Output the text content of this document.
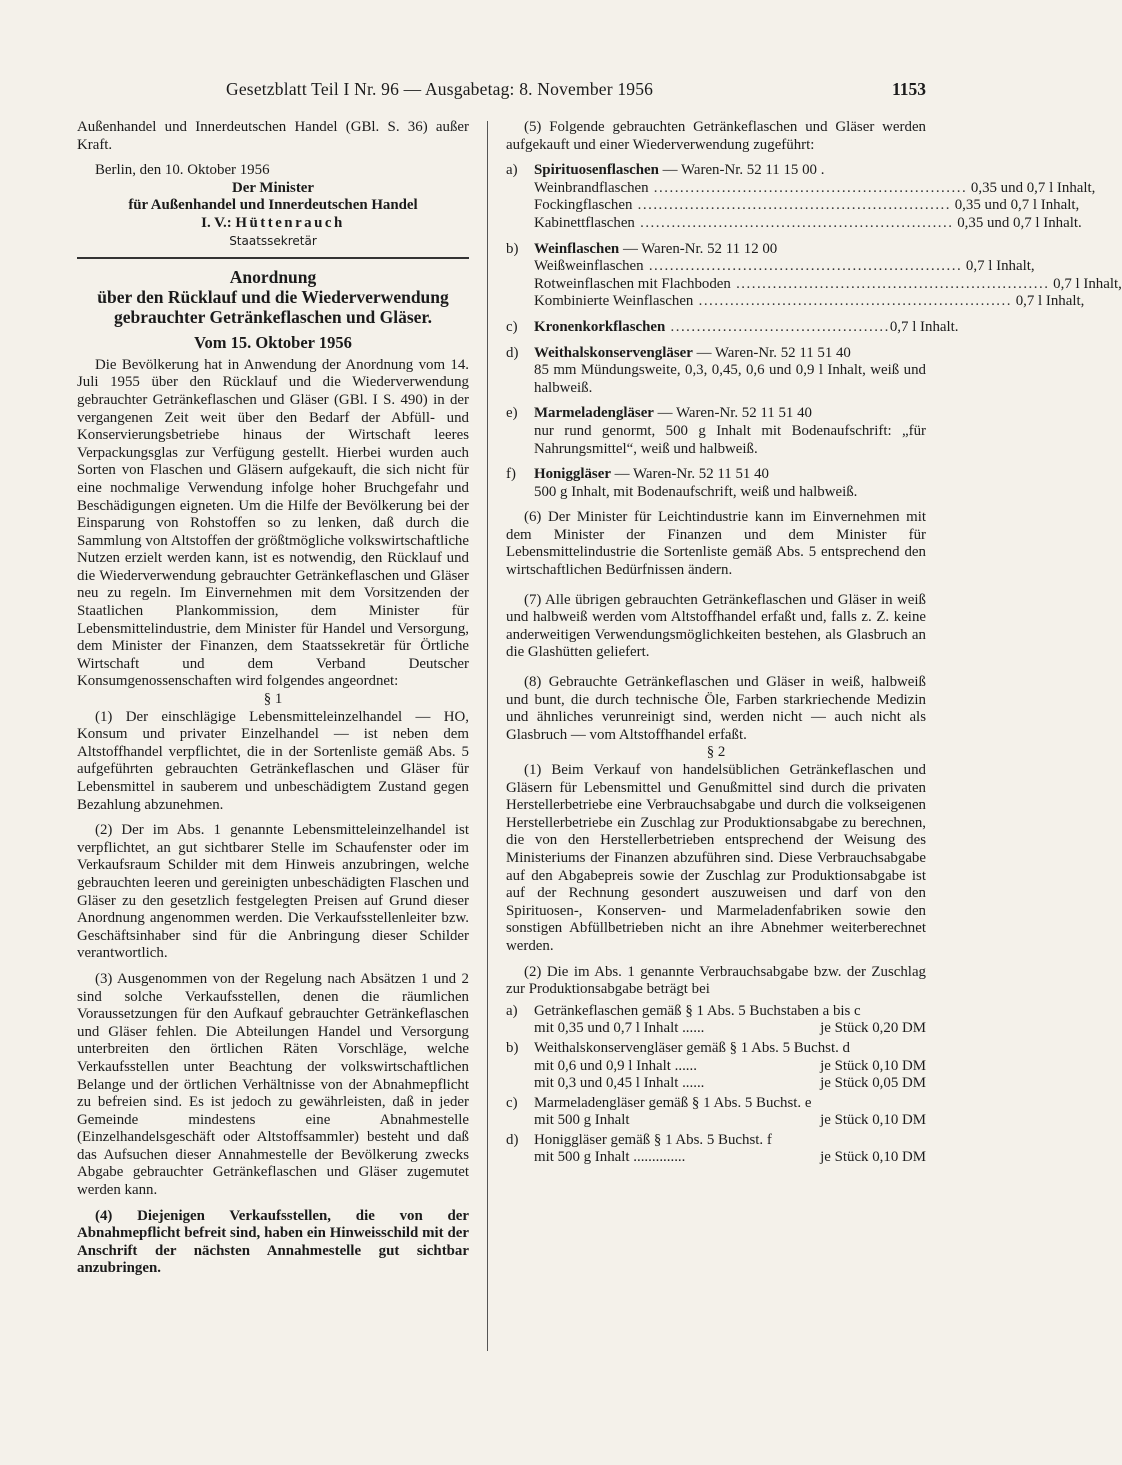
Gesetzblatt Teil I Nr. 96 — Ausgabetag: 8. November 1956	1153

Außenhandel und Innerdeutschen Handel (GBl. S. 36) außer Kraft.

Berlin, den 10. Oktober 1956

Der Minister

für Außenhandel und Innerdeutschen Handel

I. V.: Hüttenrauch

Staatssekretär

Anordnung

über den Rücklauf und die Wiederverwendung

gebrauchter Getränkeflaschen und Gläser.

Vom 15. Oktober 1956

Die Bevölkerung hat in Anwendung der Anordnung vom 14. Juli 1955 über den Rücklauf und die Wiederverwendung gebrauchter Getränkeflaschen und Gläser (GBl. I S. 490) in der vergangenen Zeit weit über den Bedarf der Abfüll- und Konservierungsbetriebe hinaus der Wirtschaft leeres Verpackungsglas zur Verfügung gestellt. Hierbei wurden auch Sorten von Flaschen und Gläsern aufgekauft, die sich nicht für eine nochmalige Verwendung infolge hoher Bruchgefahr und Beschädigungen eigneten. Um die Hilfe der Bevölkerung bei der Einsparung von Rohstoffen so zu lenken, daß durch die Sammlung von Altstoffen der größtmögliche volkswirtschaftliche Nutzen erzielt werden kann, ist es notwendig, den Rücklauf und die Wiederverwendung gebrauchter Getränkeflaschen und Gläser neu zu regeln. Im Einvernehmen mit dem Vorsitzenden der Staatlichen Plankommission, dem Minister für Lebensmittelindustrie, dem Minister für Handel und Versorgung, dem Minister der Finanzen, dem Staatssekretär für Örtliche Wirtschaft und dem Verband Deutscher Konsumgenossenschaften wird folgendes angeordnet:

§ 1

(1) Der einschlägige Lebensmitteleinzelhandel — HO, Konsum und privater Einzelhandel — ist neben dem Altstoffhandel verpflichtet, die in der Sortenliste gemäß Abs. 5 aufgeführten gebrauchten Getränkeflaschen und Gläser für Lebensmittel in sauberem und unbeschädigtem Zustand gegen Bezahlung abzunehmen.

(2) Der im Abs. 1 genannte Lebensmitteleinzelhandel ist verpflichtet, an gut sichtbarer Stelle im Schaufenster oder im Verkaufsraum Schilder mit dem Hinweis anzubringen, welche gebrauchten leeren und gereinigten unbeschädigten Flaschen und Gläser zu den gesetzlich festgelegten Preisen auf Grund dieser Anordnung angenommen werden. Die Verkaufsstellenleiter bzw. Geschäftsinhaber sind für die Anbringung dieser Schilder verantwortlich.

(3) Ausgenommen von der Regelung nach Absätzen 1 und 2 sind solche Verkaufsstellen, denen die räumlichen Voraussetzungen für den Aufkauf gebrauchter Getränkeflaschen und Gläser fehlen. Die Abteilungen Handel und Versorgung unterbreiten den örtlichen Räten Vorschläge, welche Verkaufsstellen unter Beachtung der volkswirtschaftlichen Belange und der örtlichen Verhältnisse von der Abnahmepflicht zu befreien sind. Es ist jedoch zu gewährleisten, daß in jeder Gemeinde mindestens eine Abnahmestelle (Einzelhandelsgeschäft oder Altstoffsammler) besteht und daß das Aufsuchen dieser Annahmestelle der Bevölkerung zwecks Abgabe gebrauchter Getränkeflaschen und Gläser zugemutet werden kann.

(4) Diejenigen Verkaufsstellen, die von der Abnahmepflicht befreit sind, haben ein Hinweisschild mit der Anschrift der nächsten Annahmestelle gut sichtbar anzubringen.

(5) Folgende gebrauchten Getränkeflaschen und Gläser werden aufgekauft und einer Wiederverwendung zugeführt:

a) Spirituosenflaschen — Waren-Nr. 52 11 15 00 .

Weinbrandflaschen ............................................................ 0,35 und 0,7 l Inhalt,
Fockingflaschen ............................................................ 0,35 und 0,7 l Inhalt,
Kabinettflaschen ............................................................ 0,35 und 0,7 l Inhalt.

b) Weinflaschen — Waren-Nr. 52 11 12 00

Weißweinflaschen ............................................................ 0,7 l Inhalt,
Rotweinflaschen mit Flachboden ............................................................ 0,7 l Inhalt,
Kombinierte Weinflaschen ............................................................ 0,7 l Inhalt,
c) Kronenkorkflaschen .......................................... 0,7 l Inhalt.

d) Weithalskonservengläser — Waren-Nr. 52 11 51 40

85 mm Mündungsweite, 0,3, 0,45, 0,6 und 0,9 l Inhalt, weiß und halbweiß.

e) Marmeladengläser — Waren-Nr. 52 11 51 40

nur rund genormt, 500 g Inhalt mit Bodenaufschrift: „für Nahrungsmittel“, weiß und halbweiß.

f) Honiggläser — Waren-Nr. 52 11 51 40

500 g Inhalt, mit Bodenaufschrift, weiß und halbweiß.

(6) Der Minister für Leichtindustrie kann im Einvernehmen mit dem Minister der Finanzen und dem Minister für Lebensmittelindustrie die Sortenliste gemäß Abs. 5 entsprechend den wirtschaftlichen Bedürfnissen ändern.

(7) Alle übrigen gebrauchten Getränkeflaschen und Gläser in weiß und halbweiß werden vom Altstoffhandel erfaßt und, falls z. Z. keine anderweitigen Verwendungsmöglichkeiten bestehen, als Glasbruch an die Glashütten geliefert.

(8) Gebrauchte Getränkeflaschen und Gläser in weiß, halbweiß und bunt, die durch technische Öle, Farben starkriechende Medizin und ähnliches verunreinigt sind, werden nicht — auch nicht als Glasbruch — vom Altstoffhandel erfaßt.

§ 2

(1) Beim Verkauf von handelsüblichen Getränkeflaschen und Gläsern für Lebensmittel und Genußmittel sind durch die privaten Herstellerbetriebe eine Verbrauchsabgabe und durch die volkseigenen Herstellerbetriebe ein Zuschlag zur Produktionsabgabe zu berechnen, die von den Herstellerbetrieben entsprechend der Weisung des Ministeriums der Finanzen abzuführen sind. Diese Verbrauchsabgabe auf den Abgabepreis sowie der Zuschlag zur Produktionsabgabe ist auf der Rechnung gesondert auszuweisen und darf von den Spirituosen-, Konserven- und Marmeladenfabriken sowie den sonstigen Abfüllbetrieben nicht an ihre Abnehmer weiterberechnet werden.

(2) Die im Abs. 1 genannte Verbrauchsabgabe bzw. der Zuschlag zur Produktionsabgabe beträgt bei

a) Getränkeflaschen gemäß § 1 Abs. 5 Buchstaben a bis c

mit 0,35 und 0,7 l Inhalt ......	je Stück 0,20 DM

b) Weithalskonservengläser gemäß § 1 Abs. 5 Buchst. d

mit 0,6 und 0,9 l Inhalt ......	je Stück 0,10 DM
mit 0,3 und 0,45 l Inhalt ......	je Stück 0,05 DM

c) Marmeladengläser gemäß § 1 Abs. 5 Buchst. e

mit 500 g Inhalt	je Stück 0,10 DM

d) Honiggläser gemäß § 1 Abs. 5 Buchst. f

mit 500 g Inhalt ..............	je Stück 0,10 DM
